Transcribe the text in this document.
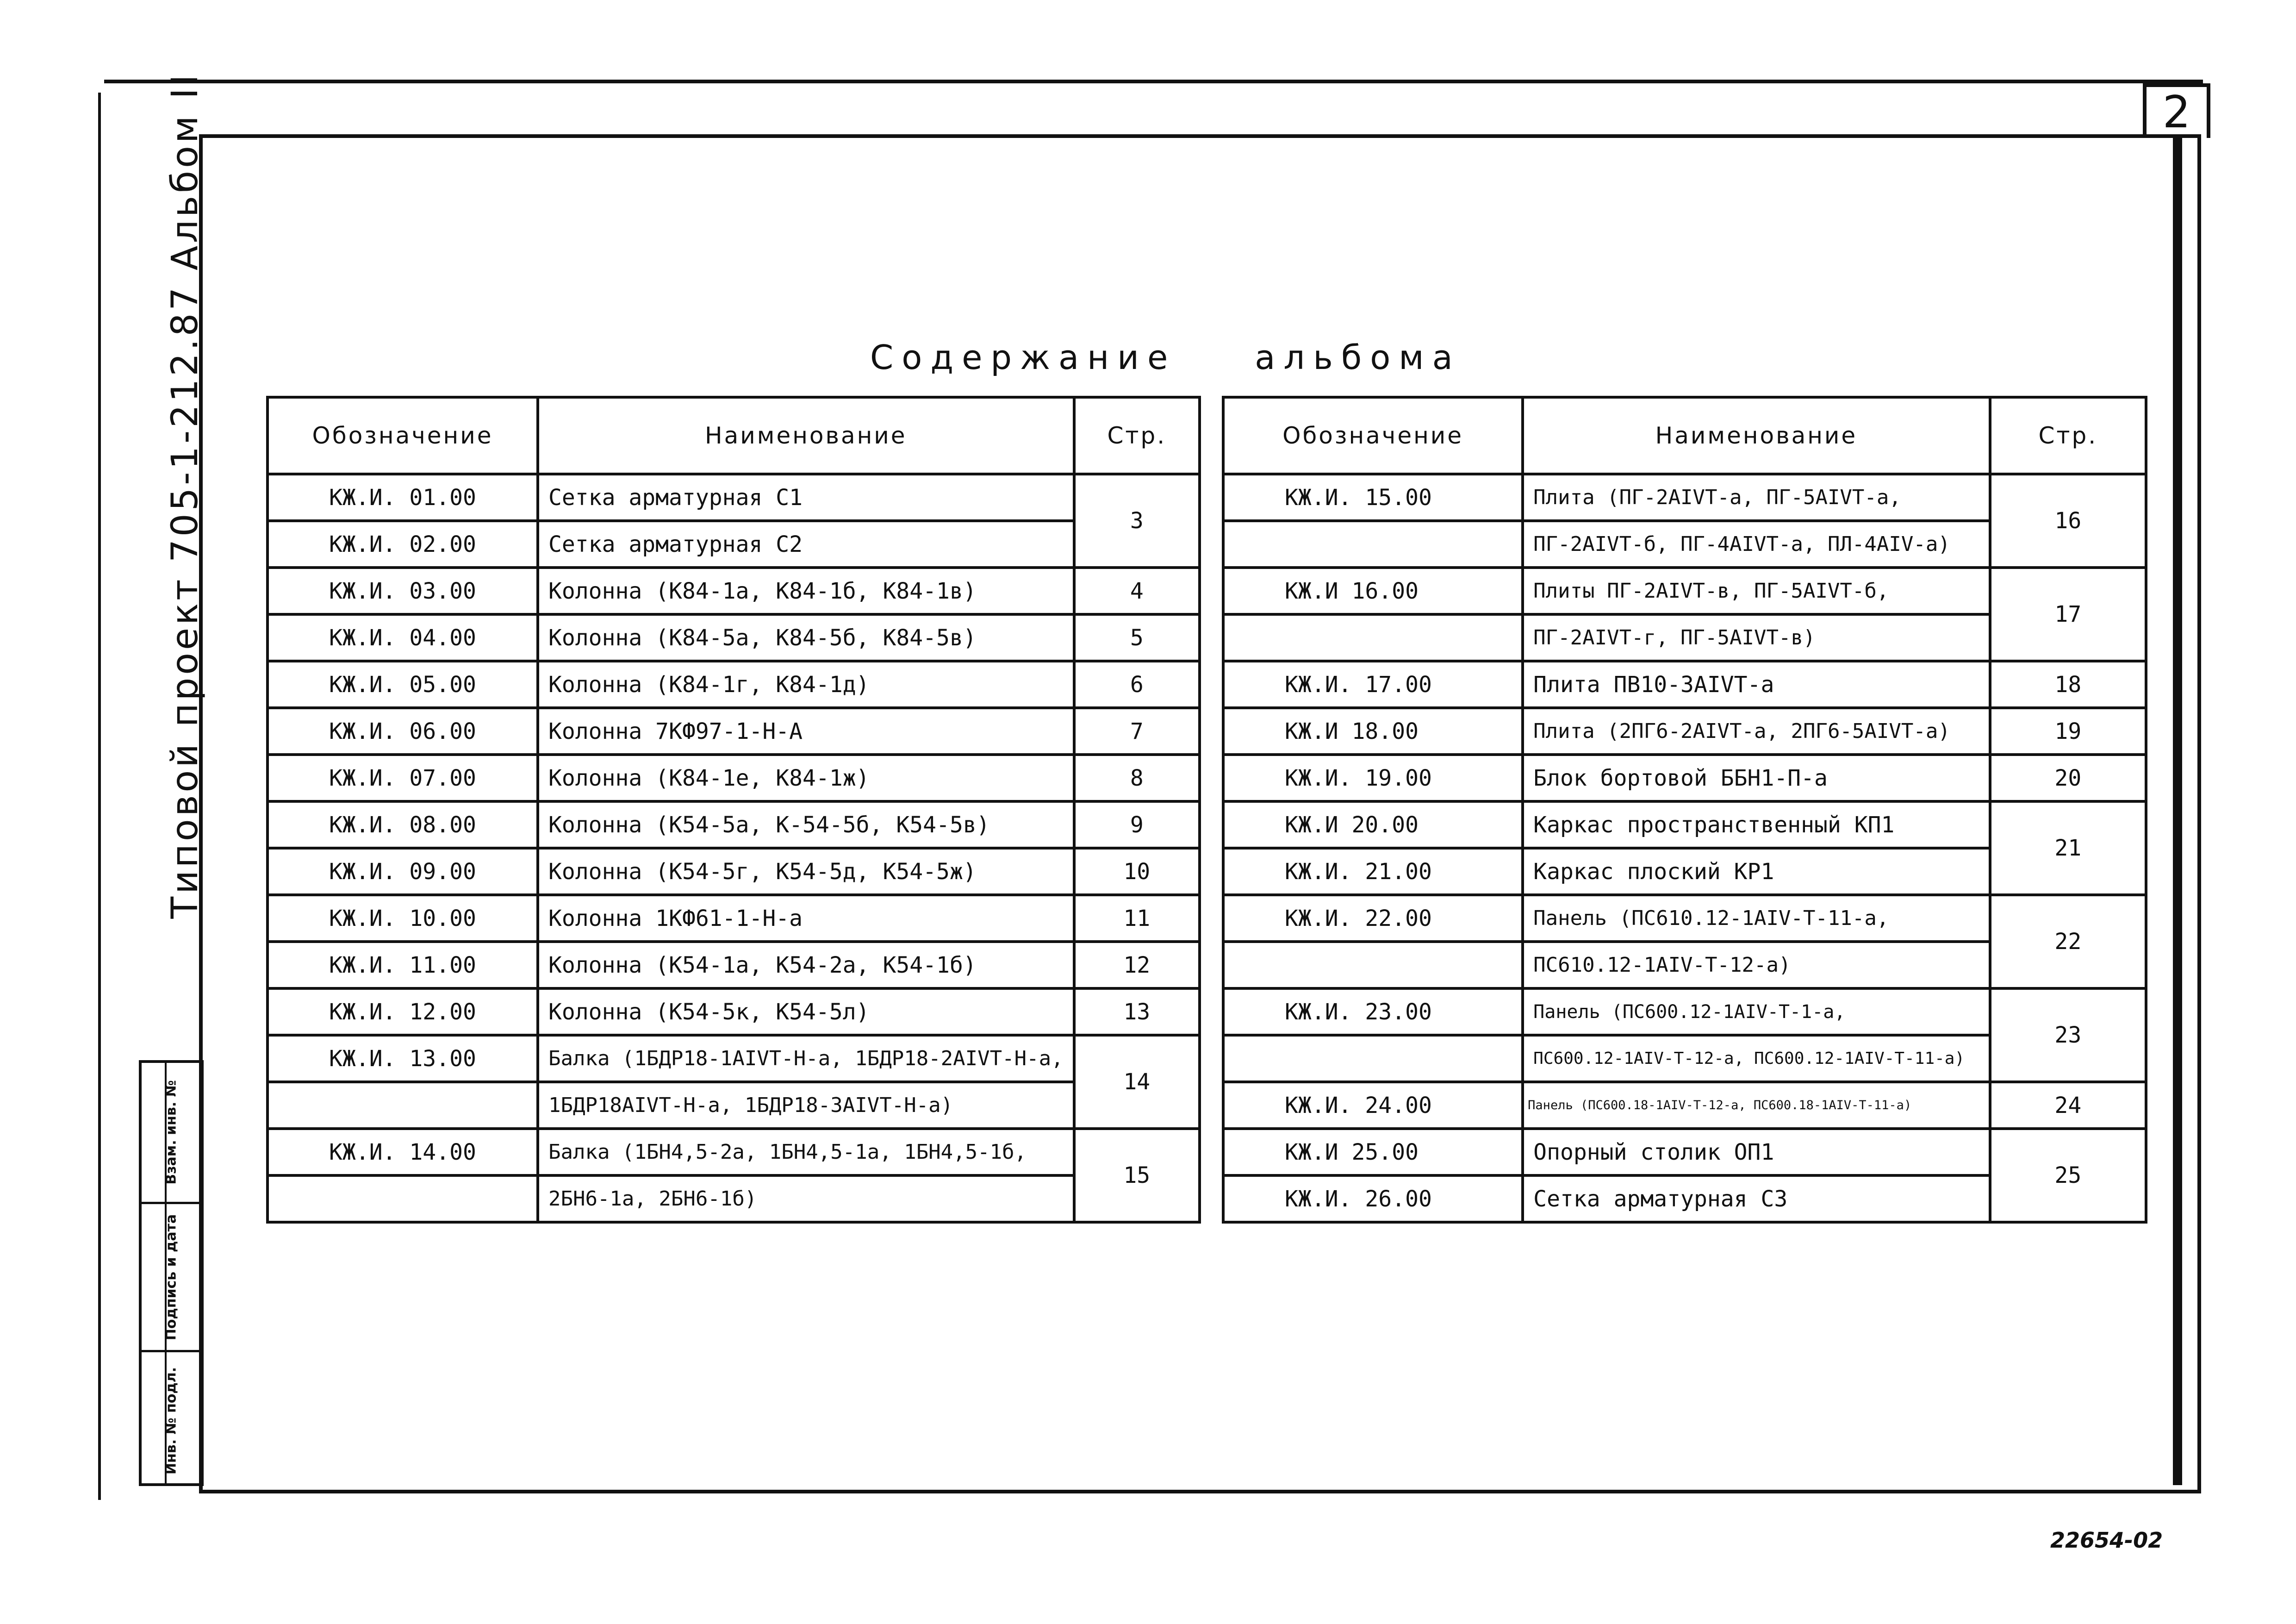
2
Типовой проект 705-1-212.87 Альбом II
Взам. инв. №
Подпись и дата
Инв. № подл.
Содержание альбома
Обозначение	Наименование	Стр.
КЖ.И. 01.00	Сетка арматурная С1	3
КЖ.И. 02.00	Сетка арматурная С2	
КЖ.И. 03.00	Колонна (К84-1а, К84-1б, К84-1в)	4
КЖ.И. 04.00	Колонна (К84-5а, К84-5б, К84-5в)	5
КЖ.И. 05.00	Колонна (К84-1г, К84-1д)	6
КЖ.И. 06.00	Колонна 7КФ97-1-Н-А	7
КЖ.И. 07.00	Колонна (К84-1е, К84-1ж)	8
КЖ.И. 08.00	Колонна (К54-5а, К-54-5б, К54-5в)	9
КЖ.И. 09.00	Колонна (К54-5г, К54-5д, К54-5ж)	10
КЖ.И. 10.00	Колонна 1КФ61-1-Н-а	11
КЖ.И. 11.00	Колонна (К54-1а, К54-2а, К54-1б)	12
КЖ.И. 12.00	Колонна (К54-5к, К54-5л)	13
КЖ.И. 13.00	Балка (1БДР18-1АIVТ-Н-а, 1БДР18-2АIVТ-Н-а,	14
	1БДР18АIVТ-Н-а, 1БДР18-3АIVТ-Н-а)	
КЖ.И. 14.00	Балка (1БН4,5-2а, 1БН4,5-1а, 1БН4,5-1б,	15
	2БН6-1а, 2БН6-1б)	
Обозначение	Наименование	Стр.
КЖ.И. 15.00	Плита (ПГ-2АIVТ-а, ПГ-5АIVТ-а,	16
	ПГ-2АIVТ-б, ПГ-4АIVТ-а, ПЛ-4АIV-а)	
КЖ.И 16.00	Плиты ПГ-2АIVТ-в, ПГ-5АIVТ-б,	17
	ПГ-2АIVТ-г, ПГ-5АIVТ-в)	
КЖ.И. 17.00	Плита ПВ10-3АIVТ-а	18
КЖ.И 18.00	Плита (2ПГ6-2АIVТ-а, 2ПГ6-5АIVТ-а)	19
КЖ.И. 19.00	Блок бортовой ББН1-П-а	20
КЖ.И 20.00	Каркас пространственный КП1	21
КЖ.И. 21.00	Каркас плоский КР1	
КЖ.И. 22.00	Панель (ПС610.12-1АIV-Т-11-а,	22
	ПС610.12-1АIV-Т-12-а)	
КЖ.И. 23.00	Панель (ПС600.12-1АIV-Т-1-а,	23
	ПС600.12-1АIV-Т-12-а, ПС600.12-1АIV-Т-11-а)	
КЖ.И. 24.00	Панель (ПС600.18-1АIV-Т-12-а, ПС600.18-1АIV-Т-11-а)	24
КЖ.И 25.00	Опорный столик ОП1	25
КЖ.И. 26.00	Сетка арматурная С3	
22654-02
